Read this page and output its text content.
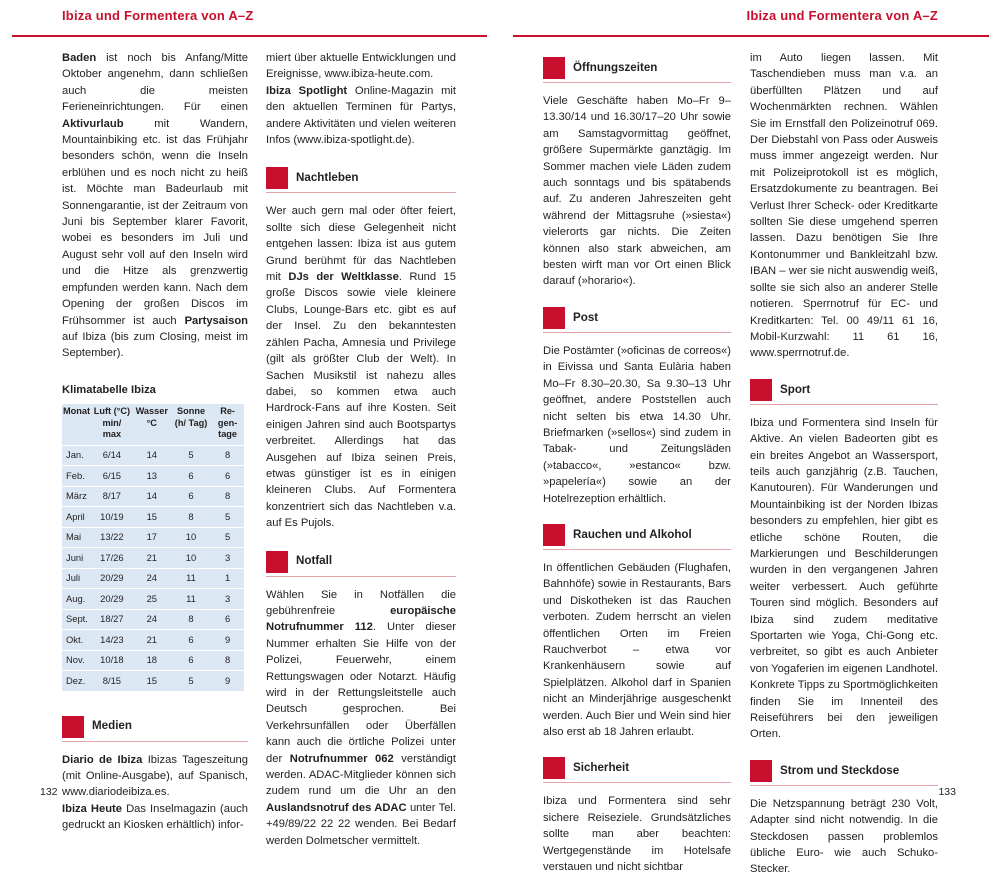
Ibiza und Formentera von A–Z	Ibiza und Formentera von A–Z

Baden ist noch bis Anfang/Mitte Oktober angenehm, dann schließen auch die meisten Ferieneinrichtungen. Für einen Aktivurlaub mit Wandern, Mountainbiking etc. ist das Frühjahr besonders schön, wenn die Inseln erblühen und es noch nicht zu heiß ist. Möchte man Badeurlaub mit Sonnengarantie, ist der Zeitraum von Juni bis September klarer Favorit, wobei es besonders im Juli und August sehr voll auf den Inseln wird und die Hitze als grenzwertig empfunden werden kann. Nach dem Opening der großen Discos im Frühsommer ist auch Partysaison auf Ibiza (bis zum Closing, meist im September).

Klimatabelle Ibiza
Monat	Luft (°C) min/ max	Wasser °C	Sonne (h/ Tag)	Re- gen- tage
Jan.	6/14	14	5	8
Feb.	6/15	13	6	6
März	8/17	14	6	8
April	10/19	15	8	5
Mai	13/22	17	10	5
Juni	17/26	21	10	3
Juli	20/29	24	11	1
Aug.	20/29	25	11	3
Sept.	18/27	24	8	6
Okt.	14/23	21	6	9
Nov.	10/18	18	6	8
Dez.	8/15	15	5	9
Medien

Diario de Ibiza Ibizas Tageszeitung (mit Online-Ausgabe), auf Spanisch, www.diariodeibiza.es.

Ibiza Heute Das Inselmagazin (auch gedruckt an Kiosken erhältlich) infor-

miert über aktuelle Entwicklungen und Ereignisse, www.ibiza-heute.com.

Ibiza Spotlight Online-Magazin mit den aktuellen Terminen für Partys, andere Aktivitäten und vielen weiteren Infos (www.ibiza-spotlight.de).

Nachtleben

Wer auch gern mal oder öfter feiert, sollte sich diese Gelegenheit nicht entgehen lassen: Ibiza ist aus gutem Grund berühmt für das Nachtleben mit DJs der Weltklasse. Rund 15 große Discos sowie viele kleinere Clubs, Lounge-Bars etc. gibt es auf der Insel. Zu den bekanntesten zählen Pacha, Amnesia und Privilege (gilt als größter Club der Welt). In Sachen Musikstil ist nahezu alles dabei, so kommen etwa auch Hardrock-Fans auf ihre Kosten. Seit einigen Jahren sind auch Bootspartys verbreitet. Allerdings hat das Ausgehen auf Ibiza seinen Preis, etwas günstiger ist es in einigen kleineren Clubs. Auf Formentera konzentriert sich das Nachtleben v.a. auf Es Pujols.

Notfall

Wählen Sie in Notfällen die gebührenfreie europäische Notrufnummer 112. Unter dieser Nummer erhalten Sie Hilfe von der Polizei, Feuerwehr, einem Rettungswagen oder Notarzt. Häufig wird in der Rettungsleitstelle auch Deutsch gesprochen. Bei Verkehrsunfällen oder Überfällen kann auch die örtliche Polizei unter der Notrufnummer 062 verständigt werden. ADAC-Mitglieder können sich zudem rund um die Uhr an den Auslandsnotruf des ADAC unter Tel. +49/89/22 22 22 wenden. Bei Bedarf werden Dolmetscher vermittelt.

Öffnungszeiten

Viele Geschäfte haben Mo–Fr 9–13.30/14 und 16.30/17–20 Uhr sowie am Samstagvormittag geöffnet, größere Supermärkte ganztägig. Im Sommer machen viele Läden zudem auch sonntags und bis spätabends auf. Zu anderen Jahreszeiten geht während der Mittagsruhe (»siesta«) vielerorts gar nichts. Die Zeiten können also stark abweichen, am besten wirft man vor Ort einen Blick darauf (»horario«).

Post

Die Postämter (»oficinas de correos«) in Eivissa und Santa Eulària haben Mo–Fr 8.30–20.30, Sa 9.30–13 Uhr geöffnet, andere Poststellen auch nicht selten bis etwa 14.30 Uhr. Briefmarken (»sellos«) sind zudem in Tabak- und Zeitungsläden (»tabacco«, »estanco« bzw. »papelería«) sowie an der Hotelrezeption erhältlich.

Rauchen und Alkohol

In öffentlichen Gebäuden (Flughafen, Bahnhöfe) sowie in Restaurants, Bars und Diskotheken ist das Rauchen verboten. Zudem herrscht an vielen öffentlichen Orten im Freien Rauchverbot – etwa vor Krankenhäusern sowie auf Spielplätzen. Alkohol darf in Spanien nicht an Minderjährige ausgeschenkt werden. Auch Bier und Wein sind hier also erst ab 18 Jahren erlaubt.

Sicherheit

Ibiza und Formentera sind sehr sichere Reiseziele. Grundsätzliches sollte man aber beachten: Wertgegenstände im Hotelsafe verstauen und nicht sichtbar

im Auto liegen lassen. Mit Taschendieben muss man v.a. an überfüllten Plätzen und auf Wochenmärkten rechnen. Wählen Sie im Ernstfall den Polizeinotruf 069. Der Diebstahl von Pass oder Ausweis muss immer angezeigt werden. Nur mit Polizeiprotokoll ist es möglich, Ersatzdokumente zu beantragen. Bei Verlust Ihrer Scheck- oder Kreditkarte sollten Sie diese umgehend sperren lassen. Dazu benötigen Sie Ihre Kontonummer und Bankleitzahl bzw. IBAN – wer sie nicht auswendig weiß, sollte sie sich also an anderer Stelle notieren. Sperrnotruf für EC- und Kreditkarten: Tel. 00 49/11 61 16, Mobil-Kurzwahl: 11 61 16, www.sperrnotruf.de.

Sport

Ibiza und Formentera sind Inseln für Aktive. An vielen Badeorten gibt es ein breites Angebot an Wassersport, teils auch ganzjährig (z.B. Tauchen, Kanutouren). Für Wanderungen und Mountainbiking ist der Norden Ibizas besonders zu empfehlen, hier gibt es etliche schöne Routen, die Markierungen und Beschilderungen wurden in den vergangenen Jahren weiter verbessert. Auch geführte Touren sind möglich. Besonders auf Ibiza sind zudem meditative Sportarten wie Yoga, Chi-Gong etc. verbreitet, so gibt es auch Anbieter von Yogaferien im eigenen Landhotel. Konkrete Tipps zu Sportmöglichkeiten finden Sie im Innenteil des Reiseführers bei den jeweiligen Orten.

Strom und Steckdose

Die Netzspannung beträgt 230 Volt, Adapter sind nicht notwendig. In die Steckdosen passen problemlos übliche Euro- wie auch Schuko-Stecker.

132	133
